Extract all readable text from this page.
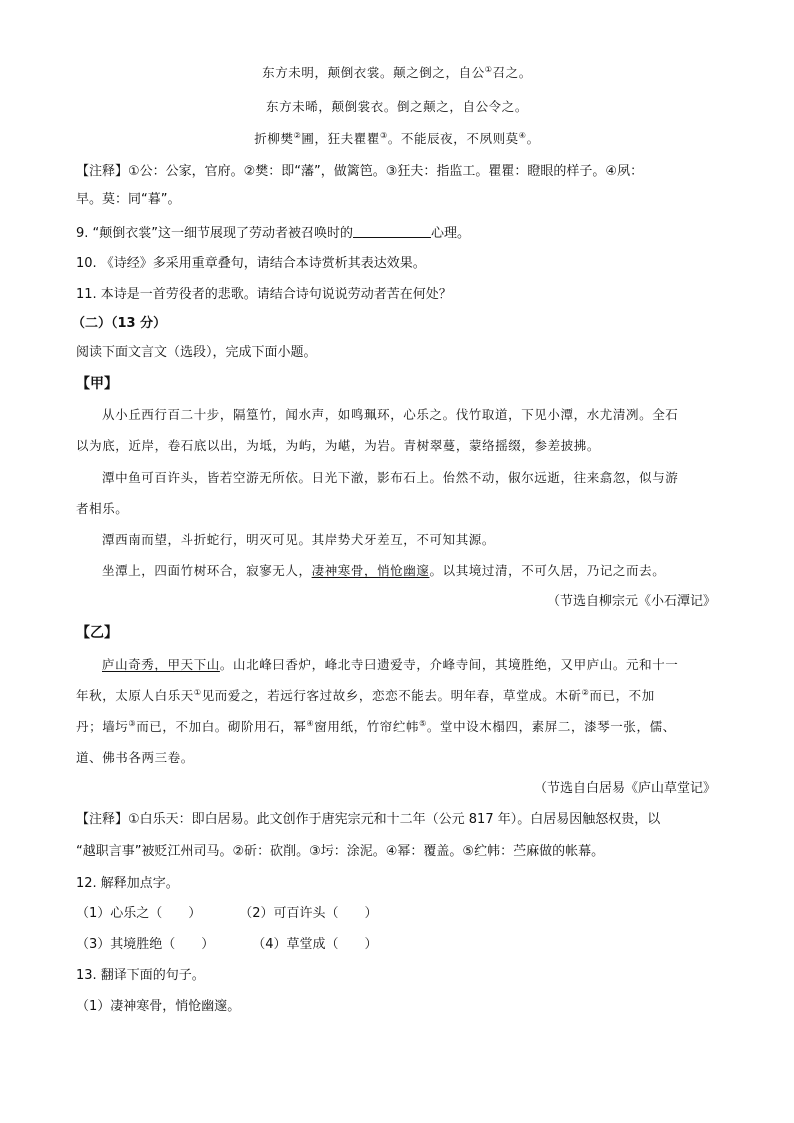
东方未明，颠倒衣裳。颠之倒之，自公①召之。
东方未晞，颠倒裳衣。倒之颠之，自公令之。
折柳樊②圃，狂夫瞿瞿③。不能辰夜，不夙则莫④。
【注释】①公：公家，官府。②樊：即“藩”，做篱笆。③狂夫：指监工。瞿瞿：瞪眼的样子。④夙：
早。莫：同“暮”。
9. “颠倒衣裳”这一细节展现了劳动者被召唤时的	心理。
10. 《诗经》多采用重章叠句，请结合本诗赏析其表达效果。
11. 本诗是一首劳役者的悲歌。请结合诗句说说劳动者苦在何处？
（二）（13 分）
阅读下面文言文（选段），完成下面小题。
【甲】
从小丘西行百二十步，隔篁竹，闻水声，如鸣珮环，心乐之。伐竹取道，下见小潭，水尤清冽。全石
以为底，近岸，卷石底以出，为坻，为屿，为嵁，为岩。青树翠蔓，蒙络摇缀，参差披拂。
潭中鱼可百许头，皆若空游无所依。日光下澈，影布石上。佁然不动，俶尔远逝，往来翕忽，似与游
者相乐。
潭西南而望，斗折蛇行，明灭可见。其岸势犬牙差互，不可知其源。
坐潭上，四面竹树环合，寂寥无人，凄神寒骨，悄怆幽邃。以其境过清，不可久居，乃记之而去。
（节选自柳宗元《小石潭记》
【乙】
庐山奇秀，甲天下山。山北峰曰香炉，峰北寺曰遗爱寺，介峰寺间，其境胜绝，又甲庐山。元和十一
年秋，太原人白乐天①见而爱之，若远行客过故乡，恋恋不能去。明年春，草堂成。木斫②而已，不加
丹；墙圬③而已，不加白。砌阶用石，幂④窗用纸，竹帘纻帏⑤。堂中设木榻四，素屏二，漆琴一张，儒、
道、佛书各两三卷。
（节选自白居易《庐山草堂记》
【注释】①白乐天：即白居易。此文创作于唐宪宗元和十二年（公元 817 年）。白居易因触怒权贵，以
“越职言事”被贬江州司马。②斫：砍削。③圬：涂泥。④幂：覆盖。⑤纻帏：苎麻做的帐幕。
12. 解释加点字。
（1）心乐之（　　）	（2）可百许头（　　）
（3）其境胜绝（　　）	（4）草堂成（　　）
13. 翻译下面的句子。
（1）凄神寒骨，悄怆幽邃。
